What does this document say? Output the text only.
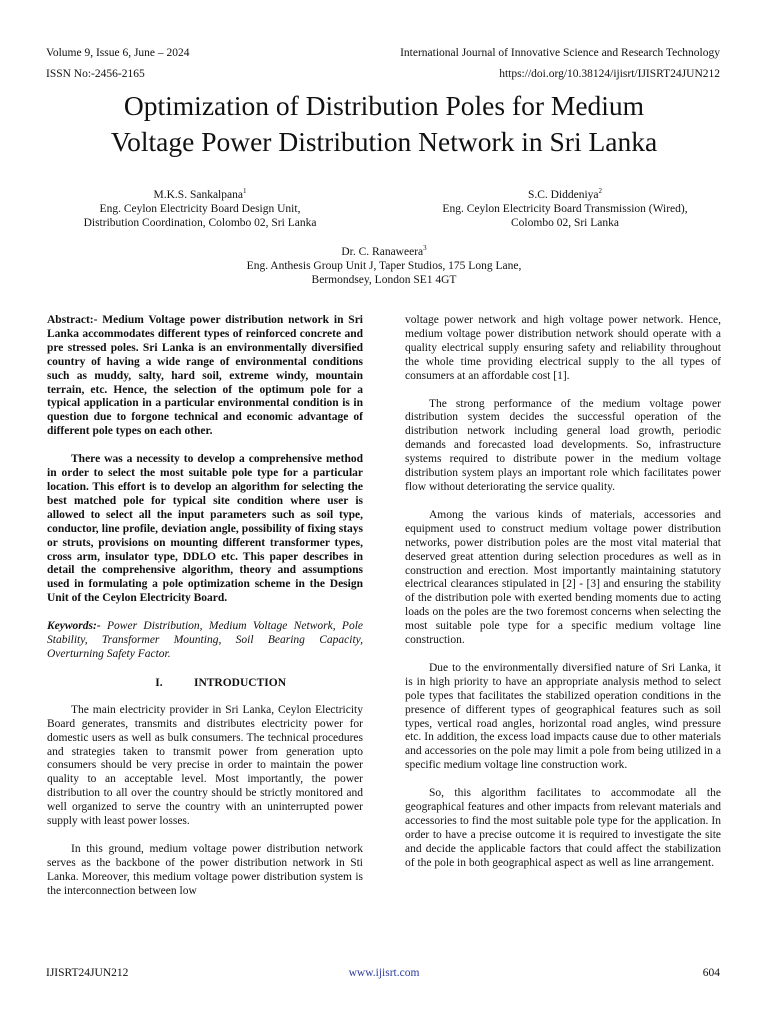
Volume 9, Issue 6, June – 2024	International Journal of Innovative Science and Research Technology
ISSN No:-2456-2165	https://doi.org/10.38124/ijisrt/IJISRT24JUN212
Optimization of Distribution Poles for Medium
Voltage Power Distribution Network in Sri Lanka
M.K.S. Sankalpana$^1$
Eng. Ceylon Electricity Board Design Unit,
Distribution Coordination, Colombo 02, Sri Lanka
S.C. Diddeniya$^2$
Eng. Ceylon Electricity Board Transmission (Wired),
Colombo 02, Sri Lanka
Dr. C. Ranaweera$^3$
Eng. Anthesis Group Unit J, Taper Studios, 175 Long Lane,
Bermondsey, London SE1 4GT

Abstract:- Medium Voltage power distribution network in Sri Lanka accommodates different types of reinforced concrete and pre stressed poles. Sri Lanka is an environmentally diversified country of having a wide range of environmental conditions such as muddy, salty, hard soil, extreme windy, mountain terrain, etc. Hence, the selection of the optimum pole for a typical application in a particular environmental condition is in question due to forgone technical and economic advantage of different pole types on each other.

There was a necessity to develop a comprehensive method in order to select the most suitable pole type for a particular location. This effort is to develop an algorithm for selecting the best matched pole for typical site condition where user is allowed to select all the input parameters such as soil type, conductor, line profile, deviation angle, possibility of fixing stays or struts, provisions on mounting different transformer types, cross arm, insulator type, DDLO etc. This paper describes in detail the comprehensive algorithm, theory and assumptions used in formulating a pole optimization scheme in the Design Unit of the Ceylon Electricity Board.

Keywords:- Power Distribution, Medium Voltage Network, Pole Stability, Transformer Mounting, Soil Bearing Capacity, Overturning Safety Factor.

I.	INTRODUCTION

The main electricity provider in Sri Lanka, Ceylon Electricity Board generates, transmits and distributes electricity power for domestic users as well as bulk consumers. The technical procedures and strategies taken to transmit power from generation upto consumers should be very precise in order to maintain the power quality to an acceptable level. Most importantly, the power distribution to all over the country should be strictly monitored and well organized to serve the country with an uninterrupted power supply with least power losses.

In this ground, medium voltage power distribution network serves as the backbone of the power distribution network in Sti Lanka. Moreover, this medium voltage power distribution system is the interconnection between low

voltage power network and high voltage power network. Hence, medium voltage power distribution network should operate with a quality electrical supply ensuring safety and reliability throughout the whole time providing electrical supply to the all types of consumers at an affordable cost [1].

The strong performance of the medium voltage power distribution system decides the successful operation of the distribution network including general load growth, periodic demands and forecasted load developments. So, infrastructure systems required to distribute power in the medium voltage distribution system plays an important role which facilitates power flow without deteriorating the service quality.

Among the various kinds of materials, accessories and equipment used to construct medium voltage power distribution networks, power distribution poles are the most vital material that deserved great attention during selection procedures as well as in construction and erection. Most importantly maintaining statutory electrical clearances stipulated in [2] - [3] and ensuring the stability of the distribution pole with exerted bending moments due to acting loads on the poles are the two foremost concerns when selecting the most suitable pole type for a specific medium voltage line construction.

Due to the environmentally diversified nature of Sri Lanka, it is in high priority to have an appropriate analysis method to select pole types that facilitates the stabilized operation conditions in the presence of different types of geographical features such as soil types, vertical road angles, horizontal road angles, wind pressure etc. In addition, the excess load impacts cause due to other materials and accessories on the pole may limit a pole from being utilized in a specific medium voltage line construction work.

So, this algorithm facilitates to accommodate all the geographical features and other impacts from relevant materials and accessories to find the most suitable pole type for the application. In order to have a precise outcome it is required to investigate the site and decide the applicable factors that could affect the stabilization of the pole in both geographical aspect as well as line arrangement.

IJISRT24JUN212	www.ijisrt.com	604
